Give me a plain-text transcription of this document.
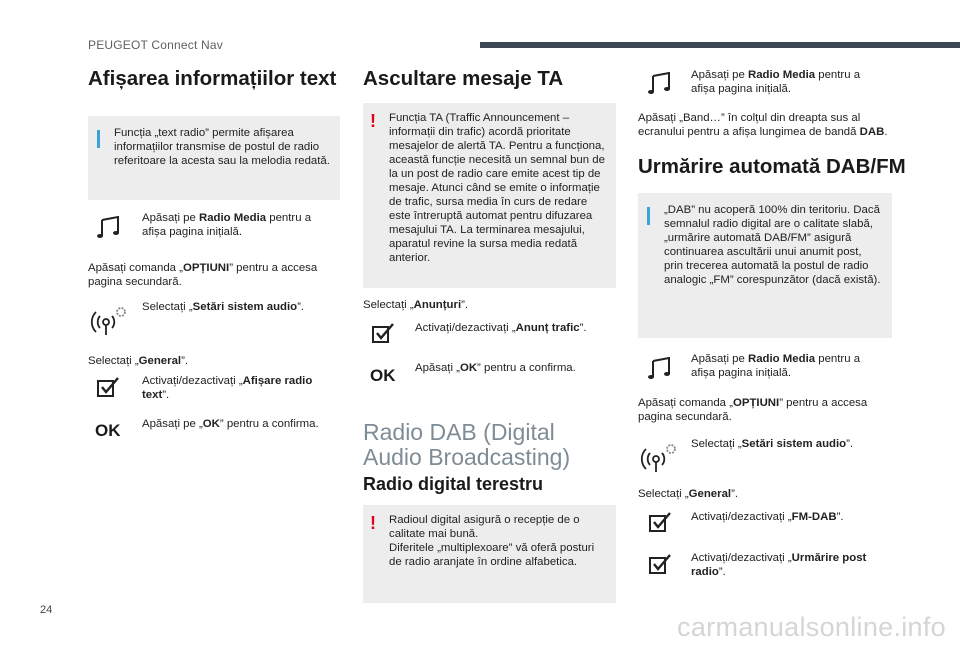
PEUGEOT Connect Nav
Afișarea informațiilor text
Funcția „text radio” permite afișarea informațiilor transmise de postul de radio referitoare la acesta sau la melodia redată.
Apăsați pe Radio Media pentru a afișa pagina inițială.
Apăsați comanda „OPȚIUNI” pentru a accesa pagina secundară.
Selectați „Setări sistem audio”.
Selectați „General”.
Activați/dezactivați „Afișare radio text”.
OK Apăsați pe „OK” pentru a confirma.
Ascultare mesaje TA
! Funcția TA (Traffic Announcement – informații din trafic) acordă prioritate mesajelor de alertă TA. Pentru a funcționa, această funcție necesită un semnal bun de la un post de radio care emite acest tip de mesaje. Atunci când se emite o informație de trafic, sursa media în curs de redare este întreruptă automat pentru difuzarea mesajului TA. La terminarea mesajului, aparatul revine la sursa media redată anterior.
Selectați „Anunțuri”.
Activați/dezactivați „Anunț trafic”.
OK Apăsați „OK” pentru a confirma.
Radio DAB (Digital Audio Broadcasting)
Radio digital terestru
! Radioul digital asigură o recepție de o calitate mai bună.
Diferitele „multiplexoare” vă oferă posturi de radio aranjate în ordine alfabetica.
Apăsați pe Radio Media pentru a afișa pagina inițială.
Apăsați „Band…” în colțul din dreapta sus al ecranului pentru a afișa lungimea de bandă DAB.
Urmărire automată DAB/FM
„DAB” nu acoperă 100% din teritoriu. Dacă semnalul radio digital are o calitate slabă, „urmărire automată DAB/FM” asigură continuarea ascultării unui anumit post, prin trecerea automată la postul de radio analogic „FM” corespunzător (dacă există).
Apăsați pe Radio Media pentru a afișa pagina inițială.
Apăsați comanda „OPȚIUNI” pentru a accesa pagina secundară.
Selectați „Setări sistem audio”.
Selectați „General”.
Activați/dezactivați „FM-DAB”.
Activați/dezactivați „Urmărire post radio”.
24
carmanualsonline.info
